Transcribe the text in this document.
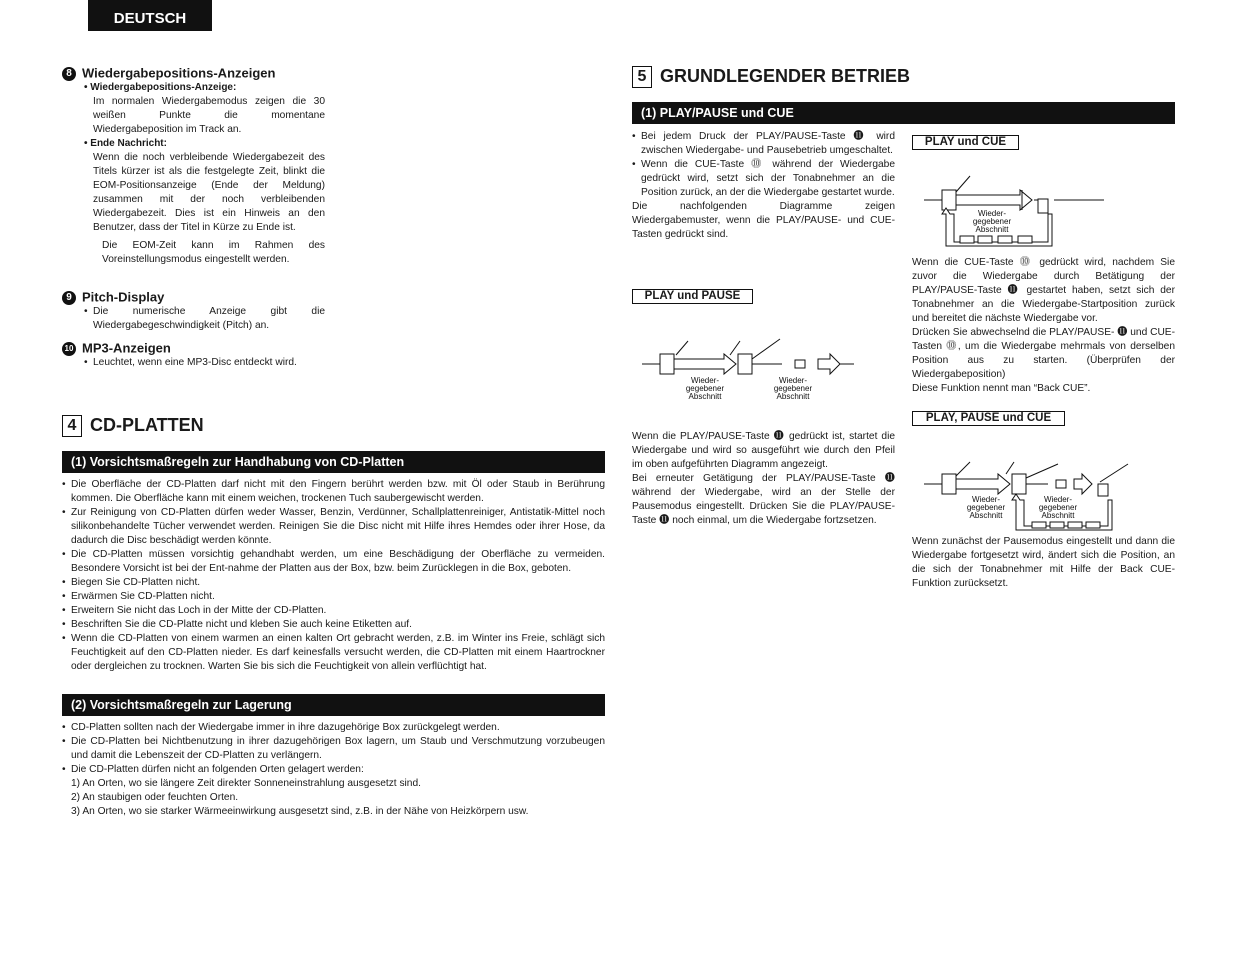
DEUTSCH
8 Wiedergabepositions-Anzeigen
• Wiedergabepositions-Anzeige:
Im normalen Wiedergabemodus zeigen die 30 weißen Punkte die momentane Wiedergabeposition im Track an.
• Ende Nachricht:
Wenn die noch verbleibende Wiedergabezeit des Titels kürzer ist als die festgelegte Zeit, blinkt die EOM-Positionsanzeige (Ende der Meldung) zusammen mit der noch verbleibenden Wiedergabezeit. Dies ist ein Hinweis an den Benutzer, dass der Titel in Kürze zu Ende ist.
Die EOM-Zeit kann im Rahmen des Voreinstellungsmodus eingestellt werden.
9 Pitch-Display
• Die numerische Anzeige gibt die Wiedergabegeschwindigkeit (Pitch) an.
10 MP3-Anzeigen
• Leuchtet, wenn eine MP3-Disc entdeckt wird.
4 CD-PLATTEN
(1) Vorsichtsmaßregeln zur Handhabung von CD-Platten
• Die Oberfläche der CD-Platten darf nicht mit den Fingern berührt werden bzw. mit Öl oder Staub in Berührung kommen. Die Oberfläche kann mit einem weichen, trockenen Tuch saubergewischt werden.
• Zur Reinigung von CD-Platten dürfen weder Wasser, Benzin, Verdünner, Schallplattenreiniger, Antistatik-Mittel noch silikonbehandelte Tücher verwendet werden. Reinigen Sie die Disc nicht mit Hilfe ihres Hemdes oder ihrer Hose, da dadurch die Disc beschädigt werden könnte.
• Die CD-Platten müssen vorsichtig gehandhabt werden, um eine Beschädigung der Oberfläche zu vermeiden. Besondere Vorsicht ist bei der Ent-nahme der Platten aus der Box, bzw. beim Zurücklegen in die Box, geboten.
• Biegen Sie CD-Platten nicht.
• Erwärmen Sie CD-Platten nicht.
• Erweitern Sie nicht das Loch in der Mitte der CD-Platten.
• Beschriften Sie die CD-Platte nicht und kleben Sie auch keine Etiketten auf.
• Wenn die CD-Platten von einem warmen an einen kalten Ort gebracht werden, z.B. im Winter ins Freie, schlägt sich Feuchtigkeit auf den CD-Platten nieder. Es darf keinesfalls versucht werden, die CD-Platten mit einem Haartrockner oder dergleichen zu trocknen. Warten Sie bis sich die Feuchtigkeit von allein verflüchtigt hat.
(2) Vorsichtsmaßregeln zur Lagerung
• CD-Platten sollten nach der Wiedergabe immer in ihre dazugehörige Box zurückgelegt werden.
• Die CD-Platten bei Nichtbenutzung in ihrer dazugehörigen Box lagern, um Staub und Verschmutzung vorzubeugen und damit die Lebenszeit der CD-Platten zu verlängern.
• Die CD-Platten dürfen nicht an folgenden Orten gelagert werden:
1) An Orten, wo sie längere Zeit direkter Sonneneinstrahlung ausgesetzt sind.
2) An staubigen oder feuchten Orten.
3) An Orten, wo sie starker Wärmeeinwirkung ausgesetzt sind, z.B. in der Nähe von Heizkörpern usw.
5 GRUNDLEGENDER BETRIEB
(1) PLAY/PAUSE und CUE
• Bei jedem Druck der PLAY/PAUSE-Taste ⓫ wird zwischen Wiedergabe- und Pausebetrieb umgeschaltet.
• Wenn die CUE-Taste ⓾ während der Wiedergabe gedrückt wird, setzt sich der Tonabnehmer an die Position zurück, an der die Wiedergabe gestartet wurde.
Die nachfolgenden Diagramme zeigen Wiedergabemuster, wenn die PLAY/PAUSE- und CUE-Tasten gedrückt sind.
PLAY und PAUSE
Wieder-gegebener Abschnitt
Wieder-gegebener Abschnitt
Wenn die PLAY/PAUSE-Taste ⓫ gedrückt ist, startet die Wiedergabe und wird so ausgeführt wie durch den Pfeil im oben aufgeführten Diagramm angezeigt.
Bei erneuter Getätigung der PLAY/PAUSE-Taste ⓫ während der Wiedergabe, wird an der Stelle der Pausemodus eingestellt. Drücken Sie die PLAY/PAUSE-Taste ⓫ noch einmal, um die Wiedergabe fortzsetzen.
PLAY und CUE
Wieder-gegebener Abschnitt
Wenn die CUE-Taste ⓾ gedrückt wird, nachdem Sie zuvor die Wiedergabe durch Betätigung der PLAY/PAUSE-Taste ⓫ gestartet haben, setzt sich der Tonabnehmer an die Wiedergabe-Startposition zurück und bereitet die nächste Wiedergabe vor.
Drücken Sie abwechselnd die PLAY/PAUSE- ⓫ und CUE-Tasten ⓾, um die Wiedergabe mehrmals von derselben Position aus zu starten. (Überprüfen der Wiedergabeposition)
Diese Funktion nennt man “Back CUE”.
PLAY, PAUSE und CUE
Wieder-gegebener Abschnitt
Wieder-gegebener Abschnitt
Wenn zunächst der Pausemodus eingestellt und dann die Wiedergabe fortgesetzt wird, ändert sich die Position, an die sich der Tonabnehmer mit Hilfe der Back CUE-Funktion zurücksetzt.
